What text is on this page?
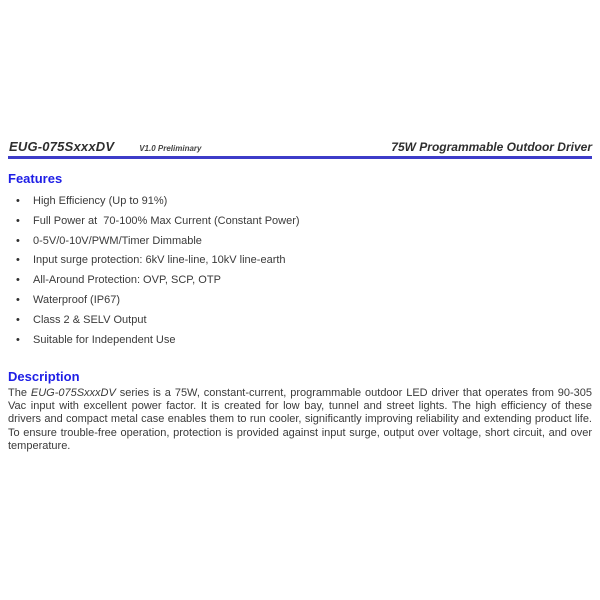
EUG-075SxxxDV	V1.0 Preliminary	75W Programmable Outdoor Driver
Features
•	High Efficiency (Up to 91%)
•	Full Power at  70-100% Max Current (Constant Power)
•	0-5V/0-10V/PWM/Timer Dimmable
•	Input surge protection: 6kV line-line, 10kV line-earth
•	All-Around Protection: OVP, SCP, OTP
•	Waterproof (IP67)
•	Class 2 & SELV Output
•	Suitable for Independent Use
Description

The EUG-075SxxxDV series is a 75W, constant-current, programmable outdoor LED driver that operates from 90-305 Vac input with excellent power factor. It is created for low bay, tunnel and street lights. The high efficiency of these drivers and compact metal case enables them to run cooler, significantly improving reliability and extending product life. To ensure trouble-free operation, protection is provided against input surge, output over voltage, short circuit, and over temperature.
